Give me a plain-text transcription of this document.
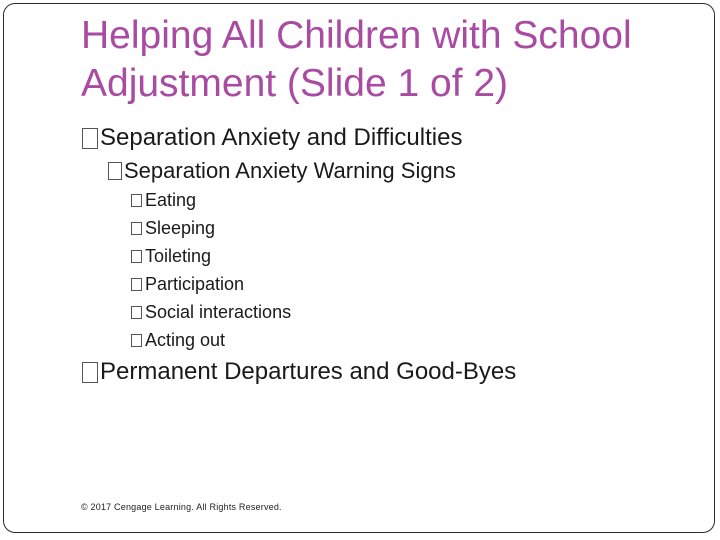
Helping All Children with School
Adjustment (Slide 1 of 2)
Separation Anxiety and Difficulties
Separation Anxiety Warning Signs
Eating
Sleeping
Toileting
Participation
Social interactions
Acting out
Permanent Departures and Good-Byes
© 2017 Cengage Learning. All Rights Reserved.
